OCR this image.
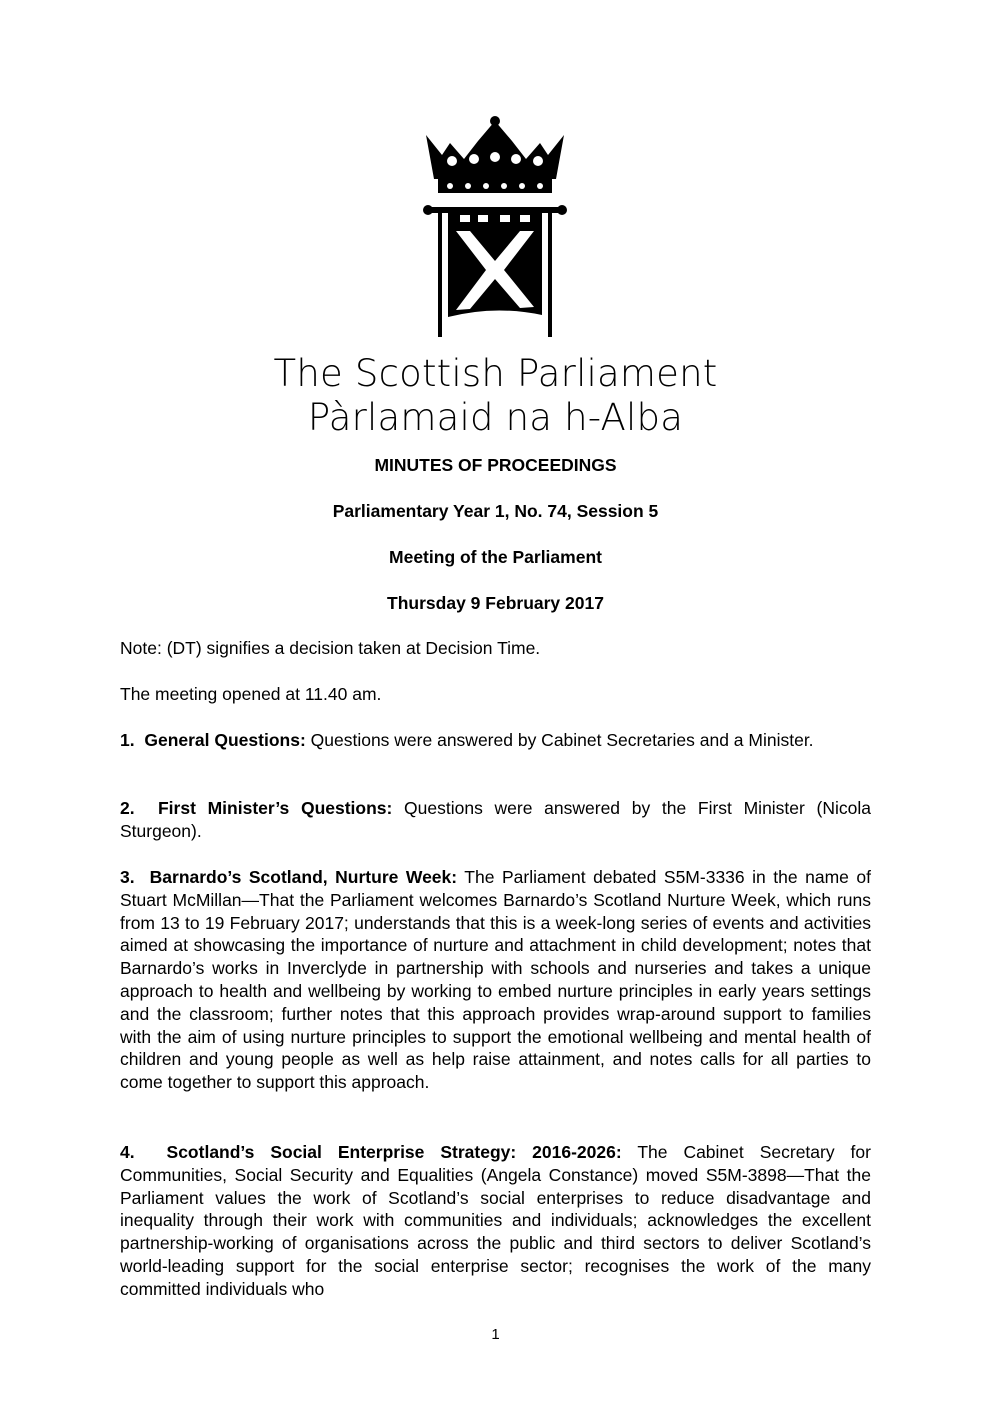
The Scottish Parliament
Pàrlamaid na h-Alba
MINUTES OF PROCEEDINGS
Parliamentary Year 1, No. 74, Session 5
Meeting of the Parliament
Thursday 9 February 2017
Note: (DT) signifies a decision taken at Decision Time.
The meeting opened at 11.40 am.
1. General Questions: Questions were answered by Cabinet Secretaries and a Minister.
2. First Minister’s Questions: Questions were answered by the First Minister (Nicola Sturgeon).
3. Barnardo’s Scotland, Nurture Week: The Parliament debated S5M-3336 in the name of Stuart McMillan—That the Parliament welcomes Barnardo’s Scotland Nurture Week, which runs from 13 to 19 February 2017; understands that this is a week-long series of events and activities aimed at showcasing the importance of nurture and attachment in child development; notes that Barnardo’s works in Inverclyde in partnership with schools and nurseries and takes a unique approach to health and wellbeing by working to embed nurture principles in early years settings and the classroom; further notes that this approach provides wrap-around support to families with the aim of using nurture principles to support the emotional wellbeing and mental health of children and young people as well as help raise attainment, and notes calls for all parties to come together to support this approach.
4. Scotland’s Social Enterprise Strategy: 2016-2026: The Cabinet Secretary for Communities, Social Security and Equalities (Angela Constance) moved S5M-3898—That the Parliament values the work of Scotland’s social enterprises to reduce disadvantage and inequality through their work with communities and individuals; acknowledges the excellent partnership-working of organisations across the public and third sectors to deliver Scotland’s world-leading support for the social enterprise sector; recognises the work of the many committed individuals who
1
